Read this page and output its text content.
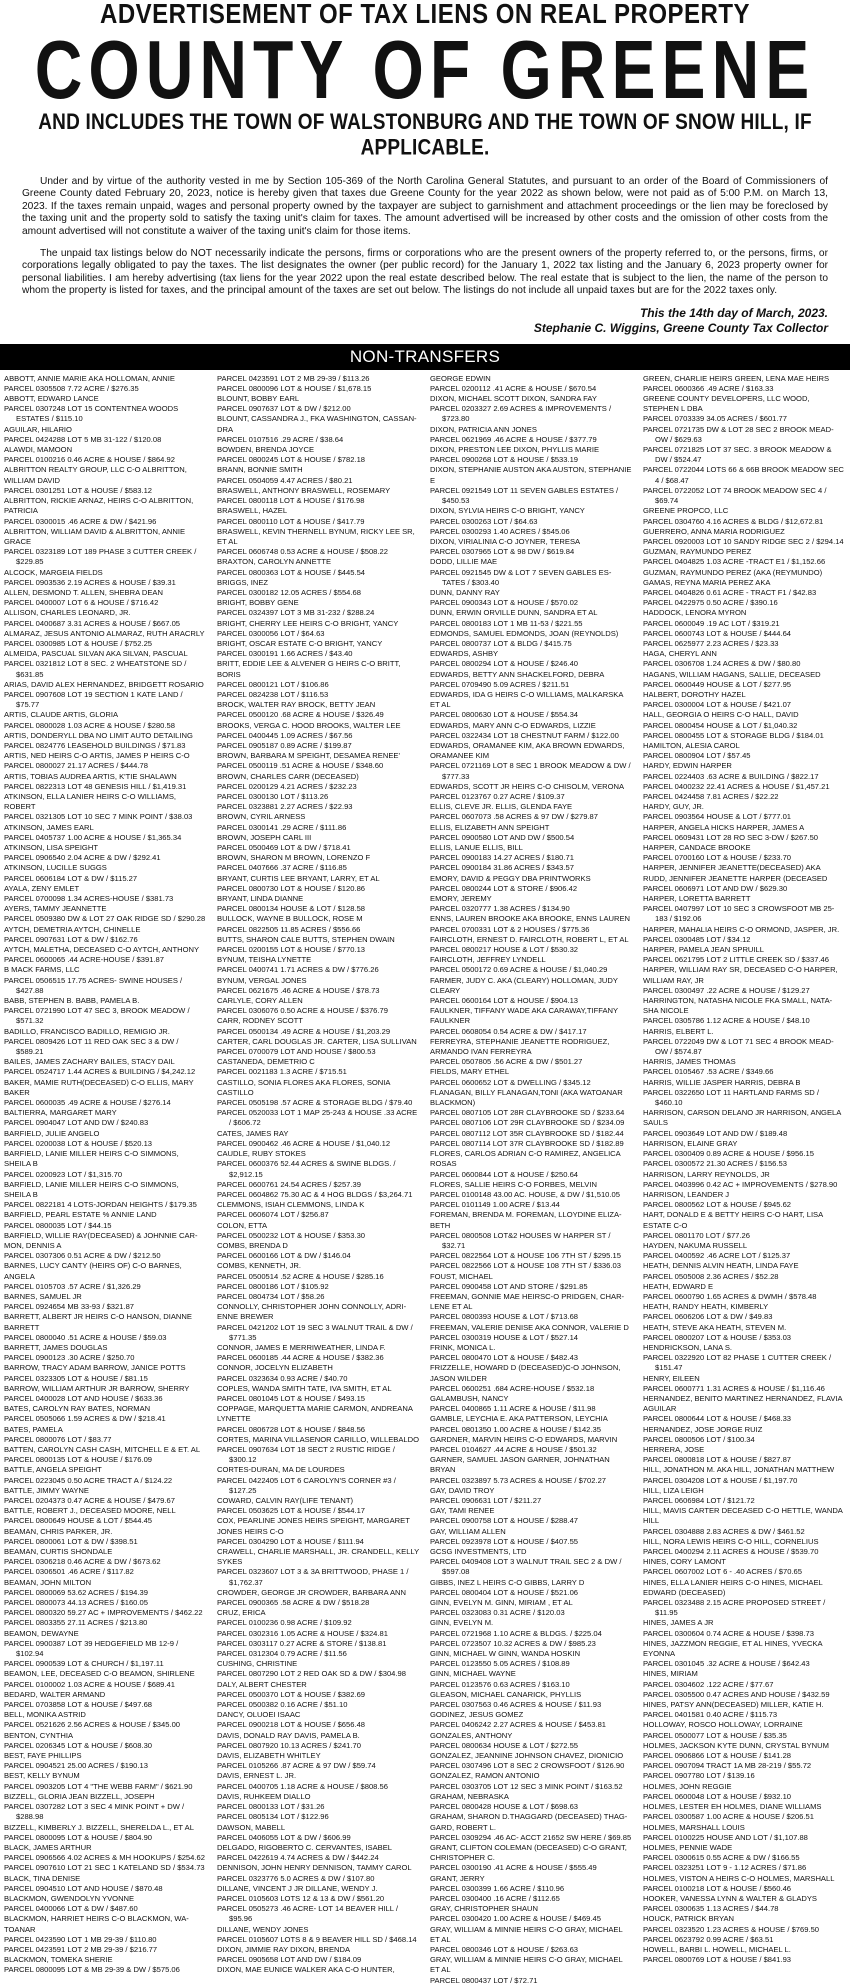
ADVERTISEMENT OF TAX LIENS ON REAL PROPERTY
COUNTY OF GREENE
AND INCLUDES THE TOWN OF WALSTONBURG AND THE TOWN OF SNOW HILL, IF APPLICABLE.

Under and by virtue of the authority vested in me by Section 105-369 of the North Carolina General Statutes, and pursuant to an order of the Board of Commissioners of Greene County dated February 20, 2023, notice is hereby given that taxes due Greene County for the year 2022 as shown below, were not paid as of 5:00 P.M. on March 13, 2023. If the taxes remain unpaid, wages and personal property owned by the taxpayer are subject to garnishment and attachment proceedings or the lien may be foreclosed by the taxing unit and the property sold to satisfy the taxing unit's claim for taxes. The amount advertised will be increased by other costs and the omission of other costs from the amount advertised will not constitute a waiver of the taxing unit's claim for those items.

The unpaid tax listings below do NOT necessarily indicate the persons, firms or corporations who are the present owners of the property referred to, or the persons, firms, or corporations legally obligated to pay the taxes. The list designates the owner (per public record) for the January 1, 2022 tax listing and the January 6, 2023 property owner for personal liabilities. I am hereby advertising (tax liens for the year 2022 upon the real estate described below. The real estate that is subject to the lien, the name of the person to whom the property is listed for taxes, and the principal amount of the taxes are set out below. The listings do not include all unpaid taxes but are for the 2022 taxes only.

This the 14th day of March, 2023.
Stephanie C. Wiggins, Greene County Tax Collector
NON-TRANSFERS
ABBOTT, ANNIE MARIE AKA HOLLOMAN, ANNIE
PARCEL 0305508 7.72 ACRE / $276.35
ABBOTT, EDWARD LANCE
PARCEL 0307248 LOT 15 CONTENTNEA WOODS ESTATES / $115.10
AGUILAR, HILARIO
PARCEL 0424288 LOT 5 MB 31-122 / $120.08
ALAWDI, MAMOON
PARCEL 0100216 0.46 ACRE & HOUSE / $864.92
ALBRITTON REALTY GROUP, LLC C-O ALBRITTON, WILLIAM DAVID
PARCEL 0301251 LOT & HOUSE / $583.12
ALBRITTON, RICKIE ARNAZ, HEIRS C-O ALBRITTON, PATRICIA
PARCEL 0300015 .46 ACRE & DW / $421.96
ALBRITTON, WILLIAM DAVID & ALBRITTON, ANNIE GRACE
PARCEL 0323189 LOT 189 PHASE 3 CUTTER CREEK / $229.85
ALCOCK, MARGEIA FIELDS
PARCEL 0903536 2.19 ACRES & HOUSE / $39.31
ALLEN, DESMOND T. ALLEN, SHEBRA DEAN
PARCEL 0400007 LOT 6 & HOUSE / $716.42
ALLISON, CHARLES LEONARD, JR.
PARCEL 0400687 3.31 ACRES & HOUSE / $667.05
ALMARAZ, JESUS ANTONIO ALMARAZ, RUTH ARACRLY
PARCEL 0300985 LOT & HOUSE / $752.25
ALMEIDA, PASCUAL SILVAN AKA SILVAN, PASCUAL
PARCEL 0321812 LOT 8 SEC. 2 WHEATSTONE SD / $631.85
ARIAS, DAVID ALEX HERNANDEZ, BRIDGETT ROSARIO
PARCEL 0907608 LOT 19 SECTION 1 KATE LAND / $75.77
ARTIS, CLAUDE ARTIS, GLORIA
PARCEL 0800028 1.03 ACRE & HOUSE / $280.58
ARTIS, DONDERYLL DBA NO LIMIT AUTO DETAILING
PARCEL 0824776 LEASEHOLD BUILDINGS / $71.83
ARTIS, NED HEIRS C-O ARTIS, JAMES P HEIRS C-O
PARCEL 0800027 21.17 ACRES / $444.78
ARTIS, TOBIAS AUDREA ARTIS, K'TIE SHALAWN
PARCEL 0822313 LOT 48 GENESIS HILL / $1,419.31
ATKINSON, ELLA LANIER HEIRS C-O WILLIAMS, ROBERT
PARCEL 0321305 LOT 10 SEC 7 MINK POINT / $38.03
ATKINSON, JAMES EARL
PARCEL 0405737 1.00 ACRE & HOUSE / $1,365.34
ATKINSON, LISA SPEIGHT
PARCEL 0906540 2.04 ACRE & DW / $292.41
ATKINSON, LUCILLE SUGGS
PARCEL 0606184 LOT & DW / $115.27
AYALA, ZENY EMLET
PARCEL 0700098 1.34 ACRES-HOUSE / $381.73
AYERS, TAMMY JEANNETTE
PARCEL 0509380 DW & LOT 27 OAK RIDGE SD / $290.28
AYTCH, DEMETRIA AYTCH, CHINELLE
PARCEL 0907631 LOT & DW / $162.76
AYTCH, MALETHA, DECEASED C-O AYTCH, ANTHONY
PARCEL 0600065 .44 ACRE-HOUSE / $391.87
B MACK FARMS, LLC
PARCEL 0506515 17.75 ACRES- SWINE HOUSES / $427.88
BABB, STEPHEN B. BABB, PAMELA B.
PARCEL 0721990 LOT 47 SEC 3, BROOK MEADOW / $571.32
BADILLO, FRANCISCO BADILLO, REMIGIO JR.
PARCEL 0809426 LOT 11 RED OAK SEC 3 & DW / $589.21
BAILES, JAMES ZACHARY BAILES, STACY DAIL
PARCEL 0524717 1.44 ACRES & BUILDING / $4,242.12
BAKER, MAMIE RUTH(DECEASED) C-O ELLIS, MARY BAKER
PARCEL 0600035 .49 ACRE & HOUSE / $276.14
BALTIERRA, MARGARET MARY
PARCEL 0904047 LOT AND DW / $240.83
BARFIELD, JULIE ANGELO
PARCEL 0200038 LOT & HOUSE / $520.13
BARFIELD, LANIE MILLER HEIRS C-O SIMMONS, SHEILA B
PARCEL 0200923 LOT / $1,315.70
BARFIELD, LANIE MILLER HEIRS C-O SIMMONS, SHEILA B
PARCEL 0822181 4 LOTS-JORDAN HEIGHTS / $179.35
BARFIELD, PEARL ESTATE % ANNIE LAND
PARCEL 0800035 LOT / $44.15
BARFIELD, WILLIE RAY(DECEASED) & JOHNNIE CAR-MON, DENNIS A
PARCEL 0307306 0.51 ACRE & DW / $212.50
BARNES, LUCY CANTY (HEIRS OF) C-O BARNES, ANGELA
PARCEL 0105703 .57 ACRE / $1,326.29
BARNES, SAMUEL JR
PARCEL 0924654 MB 33-93 / $321.87
BARRETT, ALBERT JR HEIRS C-O HANSON, DIANNE BARRETT
PARCEL 0800040 .51 ACRE & HOUSE / $59.03
BARRETT, JAMES DOUGLAS
PARCEL 0900123 .30 ACRE / $250.70
BARROW, TRACY ADAM BARROW, JANICE POTTS
PARCEL 0323305 LOT & HOUSE / $81.15
BARROW, WILLIAM ARTHUR JR BARROW, SHERRY
PARCEL 0400028 LOT AND HOUSE / $633.36
BATES, CAROLYN RAY BATES, NORMAN
PARCEL 0505066 1.59 ACRES & DW / $218.41
BATES, PAMELA
PARCEL 0800076 LOT / $83.77
BATTEN, CAROLYN CASH CASH, MITCHELL E & ET. AL
PARCEL 0800135 LOT & HOUSE / $176.09
BATTLE, ANGELA SPEIGHT
PARCEL 0223045 0.50 ACRE TRACT A / $124.22
BATTLE, JIMMY WAYNE
PARCEL 0204373 0.47 ACRE & HOUSE / $479.67
BATTLE, ROBERT J., DECEASED MOORE, NELL
PARCEL 0800649 HOUSE & LOT / $544.45
BEAMAN, CHRIS PARKER, JR.
PARCEL 0800061 LOT & DW / $398.51
BEAMAN, CURTIS SHONDALE
PARCEL 0306218 0.46 ACRE & DW / $673.62
PARCEL 0306501 .46 ACRE / $117.82
BEAMAN, JOHN MILTON
PARCEL 0800069 53.62 ACRES / $194.39
PARCEL 0800073 44.13 ACRES / $160.05
PARCEL 0800320 59.27 AC + IMPROVEMENTS / $462.22
PARCEL 0803355 27.11 ACRES / $213.80
BEAMON, DEWAYNE
PARCEL 0900387 LOT 39 HEDGEFIELD MB 12-9 / $102.94
PARCEL 0900539 LOT & CHURCH / $1,197.11
BEAMON, LEE, DECEASED C-O BEAMON, SHIRLENE
PARCEL 0100002 1.03 ACRE & HOUSE / $689.41
BEDARD, WALTER ARMAND
PARCEL 0703858 LOT & HOUSE / $497.68
BELL, MONIKA ASTRID
PARCEL 0521626 2.56 ACRES & HOUSE / $345.00
BENTON, CYNTHIA
PARCEL 0206345 LOT & HOUSE / $608.30
BEST, FAYE PHILLIPS
PARCEL 0904521 25.00 ACRES / $190.13
BEST, KELLY BYNUM
PARCEL 0903205 LOT 4 "THE WEBB FARM" / $621.90
BIZZELL, GLORIA JEAN BIZZELL, JOSEPH
PARCEL 0307282 LOT 3 SEC 4 MINK POINT + DW / $288.98
BIZZELL, KIMBERLY J. BIZZELL, SHERELDA L., ET AL
PARCEL 0800095 LOT & HOUSE / $804.90
BLACK, JAMES ARTHUR
PARCEL 0906566 4.02 ACRES & MH HOOKUPS / $254.62
PARCEL 0907610 LOT 21 SEC 1 KATELAND SD / $534.73
BLACK, TINA DENISE
PARCEL 0904510 LOT AND HOUSE / $870.48
BLACKMON, GWENDOLYN YVONNE
PARCEL 0400066 LOT & DW / $487.60
BLACKMON, HARRIET HEIRS C-O BLACKMON, WA-TOANAR
PARCEL 0423590 LOT 1 MB 29-39 / $110.80
PARCEL 0423591 LOT 2 MB 29-39 / $216.77
BLACKMON, TOMEKA SHERIE
PARCEL 0800095 LOT & MB 29-39 & DW / $575.06
PARCEL 0423591 LOT 2 MB 29-39 / $113.26
PARCEL 0800096 LOT & HOUSE / $1,678.15
BLOUNT, BOBBY EARL
PARCEL 0907637 LOT & DW / $212.00
BLOUNT, CASSANDRA J., FKA WASHINGTON, CASSAN-DRA
PARCEL 0107516 .29 ACRE / $38.64
BOWDEN, BRENDA JOYCE
PARCEL 0800245 LOT & HOUSE / $782.18
BRANN, BONNIE SMITH
PARCEL 0504059 4.47 ACRES / $80.21
BRASWELL, ANTHONY BRASWELL, ROSEMARY
PARCEL 0800118 LOT & HOUSE / $176.98
BRASWELL, HAZEL
PARCEL 0800110 LOT & HOUSE / $417.79
BRASWELL, KEVIN THERNELL BYNUM, RICKY LEE SR, ET AL
PARCEL 0606748 0.53 ACRE & HOUSE / $508.22
BRAXTON, CAROLYN ANNETTE
PARCEL 0800363 LOT & HOUSE / $445.54
BRIGGS, INEZ
PARCEL 0300182 12.05 ACRES / $554.68
BRIGHT, BOBBY GENE
PARCEL 0324397 LOT 3 MB 31-232 / $288.24
BRIGHT, CHERRY LEE HEIRS C-O BRIGHT, YANCY
PARCEL 0300056 LOT / $64.63
BRIGHT, OSCAR ESTATE C-O BRIGHT, YANCY
PARCEL 0300191 1.66 ACRES / $43.40
BRITT, EDDIE LEE & ALVENER G HEIRS C-O BRITT, BORIS
PARCEL 0800121 LOT / $106.86
PARCEL 0824238 LOT / $116.53
BROCK, WALTER RAY BROCK, BETTY JEAN
PARCEL 0500120 .68 ACRE & HOUSE / $326.49
BROOKS, VERGA C. HOOD BROOKS, WALTER LEE
PARCEL 0400445 1.09 ACRES / $67.56
PARCEL 0905187 0.89 ACRE / $199.87
BROWN, BARBARA M SPEIGHT, DESAMEA RENEE'
PARCEL 0500119 .51 ACRE & HOUSE / $348.60
BROWN, CHARLES CARR (DECEASED)
PARCEL 0200129 4.21 ACRES / $232.23
PARCEL 0300130 LOT / $113.26
PARCEL 0323881 2.27 ACRES / $22.93
BROWN, CYRIL ARNESS
PARCEL 0300141 .29 ACRE / $111.86
BROWN, JOSEPH CARL III
PARCEL 0500469 LOT & DW / $718.41
BROWN, SHARON M BROWN, LORENZO F
PARCEL 0407666 .37 ACRE / $116.85
BRYANT, CURTIS LEE BRYANT, LARRY, ET AL
PARCEL 0800730 LOT & HOUSE / $120.86
BRYANT, LINDA DIANNE
PARCEL 0800134 HOUSE & LOT / $128.58
BULLOCK, WAYNE B BULLOCK, ROSE M
PARCEL 0822505 11.85 ACRES / $556.66
BUTTS, SHARON CALE BUTTS, STEPHEN DWAIN
PARCEL 0200155 LOT & HOUSE / $770.13
BYNUM, TEISHA LYNETTE
PARCEL 0400741 1.71 ACRES & DW / $776.26
BYNUM, VERGAL JONES
PARCEL 0621675 .46 ACRE & HOUSE / $78.73
CARLYLE, CORY ALLEN
PARCEL 0306076 0.50 ACRE & HOUSE / $376.79
CARR, RODNEY SCOTT
PARCEL 0500134 .49 ACRE & HOUSE / $1,203.29
CARTER, CARL DOUGLAS JR. CARTER, LISA SULLIVAN
PARCEL 0700079 LOT AND HOUSE / $800.53
CASTANEDA, DEMETRIO C
PARCEL 0021183 1.3 ACRE / $715.51
CASTILLO, SONIA FLORES AKA FLORES, SONIA CASTILLO
PARCEL 0505198 .57 ACRE & STORAGE BLDG / $79.40
PARCEL 0520033 LOT 1 MAP 25-243 & HOUSE .33 ACRE / $606.72
CATES, JAMES RAY
PARCEL 0900462 .46 ACRE & HOUSE / $1,040.12
CAUDLE, RUBY STOKES
PARCEL 0600376 52.44 ACRES & SWINE BLDGS. / $2,912.15
PARCEL 0600761 24.54 ACRES / $257.39
PARCEL 0604862 75.30 AC & 4 HOG BLDGS / $3,264.71
CLEMMONS, ISIAH CLEMMONS, LINDA K
PARCEL 0606074 LOT / $256.87
COLON, ETTA
PARCEL 0500232 LOT & HOUSE / $353.30
COMBS, BRENDA D
PARCEL 0600166 LOT & DW / $146.04
COMBS, KENNETH, JR.
PARCEL 0500514 .52 ACRE & HOUSE / $285.16
PARCEL 0800186 LOT / $105.92
PARCEL 0804734 LOT / $58.26
CONNOLLY, CHRISTOPHER JOHN CONNOLLY, ADRI-ENNE BREWER
PARCEL 0421202 LOT 19 SEC 3 WALNUT TRAIL & DW / $771.35
CONNOR, JAMES E MERRIWEATHER, LINDA F.
PARCEL 0600185 .44 ACRE & HOUSE / $382.36
CONNOR, JOCELYN ELIZABETH
PARCEL 0323634 0.93 ACRE / $40.70
COPLES, WANDA SMITH TATE, IVA SMITH, ET AL
PARCEL 0801045 LOT & HOUSE / $493.15
COPPAGE, MARQUETTA MARIE CARMON, ANDREANA LYNETTE
PARCEL 0806728 LOT & HOUSE / $848.56
CORTES, MARINA VILLASENOR CARILLO, WILLEBALDO
PARCEL 0907634 LOT 18 SECT 2 RUSTIC RIDGE / $300.12
CORTES-DURAN, MA DE LOURDES
PARCEL 0422405 LOT 6 CAROLYN'S CORNER #3 / $127.25
COWARD, CALVIN RAY(LIFE TENANT)
PARCEL 0503625 LOT & HOUSE / $544.17
COX, PEARLINE JONES HEIRS SPEIGHT, MARGARET JONES HEIRS C-O
PARCEL 0304290 LOT & HOUSE / $111.94
CRAWELL, CHARLIE MARSHALL, JR. CRANDELL, KELLY SYKES
PARCEL 0323607 LOT 3 & 3A BRITTWOOD, PHASE 1 / $1,762.37
CROWDER, GEORGE JR CROWDER, BARBARA ANN
PARCEL 0900365 .58 ACRE & DW / $518.28
CRUZ, ERICA
PARCEL 0100236 0.98 ACRE / $109.92
PARCEL 0302316 1.05 ACRE & HOUSE / $324.81
PARCEL 0303117 0.27 ACRE & STORE / $138.81
PARCEL 0312304 0.79 ACRE / $11.56
CUSHING, CHRISTINE
PARCEL 0807290 LOT 2 RED OAK SD & DW / $304.98
DALY, ALBERT CHESTER
PARCEL 0500370 LOT & HOUSE / $382.69
PARCEL 0500382 0.16 ACRE / $51.10
DANCY, OLUOEI ISAAC
PARCEL 0900218 LOT & HOUSE / $656.48
DAVIS, DONALD RAY DAVIS, PAMELA B.
PARCEL 0807920 10.13 ACRES / $241.70
DAVIS, ELIZABETH WHITLEY
PARCEL 0105266 .87 ACRE & 97 DW / $59.74
DAVIS, ERNEST L. JR.
PARCEL 0400705 1.18 ACRE & HOUSE / $808.56
DAVIS, RUHKEEM DIALLO
PARCEL 0800133 LOT / $31.26
PARCEL 0805134 LOT / $122.96
DAWSON, MABELL
PARCEL 0406055 LOT & DW / $606.99
DELGADO, RIGOBERTO C. CERVANTES, ISABEL
PARCEL 0422619 4.74 ACRES & DW / $442.24
DENNISON, JOHN HENRY DENNISON, TAMMY CAROL
PARCEL 0323776 5.0 ACRES & DW / $107.80
DILLANE, VINCENT J JR DILLANE, WENDY J.
PARCEL 0105603 LOTS 12 & 13 & DW / $561.20
PARCEL 0505273 .46 ACRE- LOT 14 BEAVER HILL / $95.96
DILLANE, WENDY JONES
PARCEL 0105607 LOTS 8 & 9 BEAVER HILL SD / $468.14
DIXON, JIMMIE RAY DIXON, BRENDA
PARCEL 0905658 LOT AND DW / $184.09
DIXON, MAE EUNICE WALKER AKA C-O HUNTER,
GEORGE EDWIN
PARCEL 0200112 .41 ACRE & HOUSE / $670.54
DIXON, MICHAEL SCOTT DIXON, SANDRA FAY
PARCEL 0203327 2.69 ACRES & IMPROVEMENTS / $723.80
DIXON, PATRICIA ANN JONES
PARCEL 0621969 .46 ACRE & HOUSE / $377.79
DIXON, PRESTON LEE DIXON, PHYLLIS MARIE
PARCEL 0900268 LOT & HOUSE / $533.19
DIXON, STEPHANIE AUSTON AKA AUSTON, STEPHANIE E
PARCEL 0921549 LOT 11 SEVEN GABLES ESTATES / $450.53
DIXON, SYLVIA HEIRS C-O BRIGHT, YANCY
PARCEL 0300263 LOT / $64.63
PARCEL 0300293 1.40 ACRES / $545.06
DIXON, VIRIALINIA C-O JOYNER, TERESA
PARCEL 0307965 LOT & 98 DW / $619.84
DODD, LILLIE MAE
PARCEL 0921545 DW & LOT 7 SEVEN GABLES ES-TATES / $303.40
DUNN, DANNY RAY
PARCEL 0900343 LOT & HOUSE / $570.02
DUNN, ERWIN ORVILLE DUNN, SANDRA ET AL
PARCEL 0800183 LOT 1 MB 11-53 / $221.55
EDMONDS, SAMUEL EDMONDS, JOAN (REYNOLDS)
PARCEL 0800737 LOT & BLDG / $415.75
EDWARDS, ASHBY
PARCEL 0800294 LOT & HOUSE / $246.40
EDWARDS, BETTY ANN SHACKELFORD, DEBRA
PARCEL 0709490 5.09 ACRES / $211.51
EDWARDS, IDA G HEIRS C-O WILLIAMS, MALKARSKA ET AL
PARCEL 0800630 LOT & HOUSE / $554.34
EDWARDS, MARY ANN C-O EDWARDS, LIZZIE
PARCEL 0322434 LOT 18 CHESTNUT FARM / $122.00
EDWARDS, ORAMANEE KIM, AKA BROWN EDWARDS, ORAMANEE KIM
PARCEL 0721169 LOT 8 SEC 1 BROOK MEADOW & DW / $777.33
EDWARDS, SCOTT JR HEIRS C-O CHISOLM, VERONA
PARCEL 0123767 0.27 ACRE / $109.37
ELLIS, CLEVE JR. ELLIS, GLENDA FAYE
PARCEL 0607073 .58 ACRES & 97 DW / $279.87
ELLIS, ELIZABETH ANN SPEIGHT
PARCEL 0900580 LOT AND DW / $500.54
ELLIS, LANUE ELLIS, BILL
PARCEL 0900183 14.27 ACRES / $180.71
PARCEL 0900184 31.86 ACRES / $343.57
EMORY, DAVID & PEGGY DBA PRINTWORKS
PARCEL 0800244 LOT & STORE / $906.42
EMORY, JEREMY
PARCEL 0320777 1.38 ACRES / $134.90
ENNS, LAUREN BROOKE AKA BROOKE, ENNS LAUREN
PARCEL 0700331 LOT & 2 HOUSES / $775.36
FAIRCLOTH, ERNEST D. FAIRCLOTH, ROBERT L, ET AL
PARCEL 0800217 HOUSE & LOT / $530.32
FAIRCLOTH, JEFFREY LYNDELL
PARCEL 0500172 0.69 ACRE & HOUSE / $1,040.29
FARMER, JUDY C. AKA (CLEARY) HOLLOMAN, JUDY CLEARY
PARCEL 0600164 LOT & HOUSE / $904.13
FAULKNER, TIFFANY WADE AKA CARAWAY,TIFFANY FAULKNER
PARCEL 0608054 0.54 ACRE & DW / $417.17
FERREYRA, STEPHANIE JEANETTE RODRIGUEZ, ARMANDO IVAN FERREYRA
PARCEL 0507805 .56 ACRE & DW / $501.27
FIELDS, MARY ETHEL
PARCEL 0600652 LOT & DWELLING / $345.12
FLANAGAN, BILLY FLANAGAN,TONI (AKA WATOANAR BLACKMON)
PARCEL 0807105 LOT 28R CLAYBROOKE SD / $233.64
PARCEL 0807106 LOT 29R CLAYBROOKE SD / $234.09
PARCEL 0807112 LOT 35R CLAYBROOKE SD / $182.44
PARCEL 0807114 LOT 37R CLAYBROOKE SD / $182.89
FLORES, CARLOS ADRIAN C-O RAMIREZ, ANGELICA ROSAS
PARCEL 0600844 LOT & HOUSE / $250.64
FLORES, SALLIE HEIRS C-O FORBES, MELVIN
PARCEL 0100148 43.00 AC. HOUSE, & DW / $1,510.05
PARCEL 0101149 1.00 ACRE / $13.44
FOREMAN, BRENDA M. FOREMAN, LLOYDINE ELIZA-BETH
PARCEL 0800508 LOT&2 HOUSES W HARPER ST / $32.71
PARCEL 0822564 LOT & HOUSE 106 7TH ST / $295.15
PARCEL 0822566 LOT & HOUSE 108 7TH ST / $336.03
FOUST, MICHAEL
PARCEL 0900458 LOT AND STORE / $291.85
FREEMAN, GONNIE MAE HEIRSC-O PRIDGEN, CHAR-LENE ET AL
PARCEL 0800393 HOUSE & LOT / $713.68
FREEMAN, VALERIE DENISE AKA CONNOR, VALERIE D
PARCEL 0300319 HOUSE & LOT / $527.14
FRINK, MONICA L.
PARCEL 0800470 LOT & HOUSE / $482.43
FRIZZELLE, HOWARD D (DECEASED)C-O JOHNSON, JASON WILDER
PARCEL 0600251 .684 ACRE-HOUSE / $532.18
GALAMBUSH, NANCY
PARCEL 0400865 1.11 ACRE & HOUSE / $11.98
GAMBLE, LEYCHIA E. AKA PATTERSON, LEYCHIA
PARCEL 0801350 1.00 ACRE & HOUSE / $142.35
GARDNER, MARVIN HEIRS C-O EDWARDS, MARVIN
PARCEL 0104627 .44 ACRE & HOUSE / $501.32
GARNER, SAMUEL JASON GARNER, JOHNATHAN BRYAN
PARCEL 0323897 5.73 ACRES & HOUSE / $702.27
GAY, DAVID TROY
PARCEL 0906631 LOT / $211.27
GAY, TAMI RENEE
PARCEL 0900758 LOT & HOUSE / $288.47
GAY, WILLIAM ALLEN
PARCEL 0923978 LOT & HOUSE / $407.55
GCSG INVESTMENTS, LTD
PARCEL 0409408 LOT 3 WALNUT TRAIL SEC 2 & DW / $597.08
GIBBS, INEZ L HEIRS C-O GIBBS, LARRY D
PARCEL 0800404 LOT & HOUSE / $521.06
GINN, EVELYN M. GINN, MIRIAM , ET AL
PARCEL 0323083 0.31 ACRE / $120.03
GINN, EVELYN M.
PARCEL 0721968 1.10 ACRE & BLDGS. / $225.04
PARCEL 0723507 10.32 ACRES & DW / $985.23
GINN, MICHAEL W GINN, WANDA HOSKIN
PARCEL 0123550 5.05 ACRES / $108.89
GINN, MICHAEL WAYNE
PARCEL 0123576 0.63 ACRES / $163.10
GLEASON, MICHAEL CANARICK, PHYLLIS
PARCEL 0307563 0.46 ACRES & HOUSE / $11.93
GODINEZ, JESUS GOMEZ
PARCEL 0406242 2.27 ACRES & HOUSE / $453.81
GONZALES, ANTHONY
PARCEL 0800634 HOUSE & LOT / $272.55
GONZALEZ, JEANNINE JOHNSON CHAVEZ, DIONICIO
PARCEL 0307496 LOT 8 SEC 2 CROWSFOOT / $126.90
GONZALEZ, RAMON ANTONIO
PARCEL 0303705 LOT 12 SEC 3 MINK POINT / $163.52
GRAHAM, NEBRASKA
PARCEL 0800428 HOUSE & LOT / $698.63
GRAHAM, SHARON D.THAGGARD (DECEASED) THAG-GARD, ROBERT L.
PARCEL 0309294 .46 AC- ACCT 21652 SW HERE / $69.85
GRANT, CLIFTON COLEMAN (DECEASED) C-O GRANT, CHRISTOPHER C.
PARCEL 0300190 .41 ACRE & HOUSE / $555.49
GRANT, JERRY
PARCEL 0300399 1.66 ACRE / $110.96
PARCEL 0300400 .16 ACRE / $112.65
GRAY, CHRISTOPHER SHAUN
PARCEL 0300420 1.00 ACRE & HOUSE / $469.45
GRAY, WILLIAM & MINNIE HEIRS C-O GRAY, MICHAEL ET AL
PARCEL 0800346 LOT & HOUSE / $263.63
GRAY, WILLIAM & MINNIE HEIRS C-O GRAY, MICHAEL ET AL
PARCEL 0800437 LOT / $72.71
GREEN, CHARLIE HEIRS GREEN, LENA MAE HEIRS
PARCEL 0600366 .49 ACRE / $163.33
GREENE COUNTY DEVELOPERS, LLC WOOD, STEPHEN L DBA
PARCEL 0703339 34.05 ACRES / $601.77
PARCEL 0721735 DW & LOT 28 SEC 2 BROOK MEAD-OW / $629.63
PARCEL 0721825 LOT 37 SEC. 3 BROOK MEADOW & DW / $524.47
PARCEL 0722044 LOTS 66 & 66B BROOK MEADOW SEC 4 / $68.47
PARCEL 0722052 LOT 74 BROOK MEADOW SEC 4 / $69.74
GREENE PROPCO, LLC
PARCEL 0304760 4.16 ACRES & BLDG / $12,672.81
GUERRERO, ANNA MARIA RODRIGUEZ
PARCEL 0920003 LOT 10 SANDY RIDGE SEC 2 / $294.14
GUZMAN, RAYMUNDO PEREZ
PARCEL 0404825 1.03 ACRE -TRACT E1 / $1,152.66
GUZMAN, RAYMUNDO PEREZ (AKA (REYMUNDO) GAMAS, REYNA MARIA PEREZ AKA
PARCEL 0404826 0.61 ACRE - TRACT F1 / $42.83
PARCEL 0422975 0.50 ACRE / $390.16
HADDOCK, LENORA MYRON
PARCEL 0600049 .19 AC LOT / $319.21
PARCEL 0600743 LOT & HOUSE / $444.64
PARCEL 0625977 2.23 ACRES / $23.33
HAGA, CHERYL ANN
PARCEL 0306708 1.24 ACRES & DW / $80.80
HAGANS, WILLIAM HAGANS, SALLIE, DECEASED
PARCEL 0600449 HOUSE & LOT / $277.95
HALBERT, DOROTHY HAZEL
PARCEL 0300004 LOT & HOUSE / $421.07
HALL, GEORGIA O HEIRS C-O HALL, DAVID
PARCEL 0800454 HOUSE & LOT / $1,040.32
PARCEL 0800455 LOT & STORAGE BLDG / $184.01
HAMILTON, ALESIA CAROL
PARCEL 0800904 LOT / $57.45
HARDY, EDWIN HARPER
PARCEL 0224403 .63 ACRE & BUILDING / $822.17
PARCEL 0400232 22.41 ACRES & HOUSE / $1,457.21
PARCEL 0424458 7.81 ACRES / $22.22
HARDY, GUY, JR.
PARCEL 0903564 HOUSE & LOT / $777.01
HARPER, ANGELA HICKS HARPER, JAMES A
PARCEL 0609431 LOT 28 RO SEC 3-DW / $267.50
HARPER, CANDACE BROOKE
PARCEL 0700160 LOT & HOUSE / $233.70
HARPER, JENNIFER JEANETTE(DECEASED) AKA RUDD, JENNIFER JEANETTE HARPER (DECEASED
PARCEL 0606971 LOT AND DW / $629.30
HARPER, LORETTA BARRETT
PARCEL 0407997 LOT 10 SEC 3 CROWSFOOT MB 25-183 / $192.06
HARPER, MAHALIA HEIRS C-O ORMOND, JASPER, JR.
PARCEL 0300485 LOT / $34.12
HARPER, PAMELA JEAN SPRUILL
PARCEL 0621795 LOT 2 LITTLE CREEK SD / $337.46
HARPER, WILLIAM RAY SR, DECEASED C-O HARPER, WILLIAM RAY, JR
PARCEL 0300497 .22 ACRE & HOUSE / $129.27
HARRINGTON, NATASHA NICOLE FKA SMALL, NATA-SHA NICOLE
PARCEL 0305786 1.12 ACRE & HOUSE / $48.10
HARRIS, ELBERT L.
PARCEL 0722049 DW & LOT 71 SEC 4 BROOK MEAD-OW / $574.87
HARRIS, JAMES THOMAS
PARCEL 0105467 .53 ACRE / $349.66
HARRIS, WILLIE JASPER HARRIS, DEBRA B
PARCEL 0322650 LOT 11 HARTLAND FARMS SD / $460.10
HARRISON, CARSON DELANO JR HARRISON, ANGELA SAULS
PARCEL 0903649 LOT AND DW / $189.48
HARRISON, ELAINE GRAY
PARCEL 0300409 0.89 ACRE & HOUSE / $956.15
PARCEL 0300572 21.30 ACRES / $156.53
HARRISON, LARRY REYNOLDS, JR
PARCEL 0403996 0.42 AC + IMPROVEMENTS / $278.90
HARRISON, LEANDER J
PARCEL 0800562 LOT & HOUSE / $945.62
HART, DONALD E & BETTY HEIRS C-O HART, LISA ESTATE C-O
PARCEL 0801170 LOT / $77.26
HAYDEN, NAKUMA RUSSELL
PARCEL 0400592 .46 ACRE LOT / $125.37
HEATH, DENNIS ALVIN HEATH, LINDA FAYE
PARCEL 0505008 2.36 ACRES / $52.28
HEATH, EDWARD E
PARCEL 0600790 1.65 ACRES & DWMH / $578.48
HEATH, RANDY HEATH, KIMBERLY
PARCEL 0606206 LOT & DW / $49.83
HEATH, STEVE AKA HEATH, STEVEN M.
PARCEL 0800207 LOT & HOUSE / $353.03
HENDRICKSON, LANA S.
PARCEL 0322920 LOT 82 PHASE 1 CUTTER CREEK / $151.47
HENRY, EILEEN
PARCEL 0600771 1.31 ACRES & HOUSE / $1,116.46
HERNANDEZ, BENITO MARTINEZ HERNANDEZ, FLAVIA AGUILAR
PARCEL 0800644 LOT & HOUSE / $468.33
HERNANDEZ, JOSE JORGE RUIZ
PARCEL 0800506 LOT / $100.34
HERRERA, JOSE
PARCEL 0800818 LOT & HOUSE / $827.87
HILL, JONATHON M. AKA HILL, JONATHAN MATTHEW
PARCEL 0304208 LOT & HOUSE / $1,197.70
HILL, LIZA LEIGH
PARCEL 0606984 LOT / $121.72
HILL, MAVIS CARTER DECEASED C-O HETTLE, WANDA HILL
PARCEL 0304888 2.83 ACRES & DW / $461.52
HILL, NORA LEWIS HEIRS C-O HILL, CORNELIUS
PARCEL 0400294 2.11 ACRES & HOUSE / $539.70
HINES, CORY LAMONT
PARCEL 0607002 LOT 6 - .40 ACRES / $70.65
HINES, ELLA LANIER HEIRS C-O HINES, MICHAEL EDWARD (DECEASED)
PARCEL 0323488 2.15 ACRE PROPOSED STREET / $11.95
HINES, JAMES A JR
PARCEL 0300604 0.74 ACRE & HOUSE / $398.73
HINES, JAZZMON REGGIE, ET AL HINES, YVECKA EYONNA
PARCEL 0301045 .32 ACRE & HOUSE / $642.43
HINES, MIRIAM
PARCEL 0304602 .122 ACRE / $77.67
PARCEL 0305500 0.47 ACRES AND HOUSE / $432.59
HINES, PATSY ANN(DECEASED) MILLER, KATIE H.
PARCEL 0401581 0.40 ACRE / $115.73
HOLLOWAY, ROSCO HOLLOWAY, LORRAINE
PARCEL 0500077 LOT & HOUSE / $35.35
HOLMES, JACKSON KYTE DUNN, CRYSTAL BYNUM
PARCEL 0906866 LOT & HOUSE / $141.28
PARCEL 0907094 TRACT 1A MB 28-219 / $55.72
PARCEL 0907780 LOT / $139.16
HOLMES, JOHN REGGIE
PARCEL 0600048 LOT & HOUSE / $932.10
HOLMES, LESTER EH HOLMES, DIANE WILLIAMS
PARCEL 0300587 1.00 ACRE & HOUSE / $206.51
HOLMES, MARSHALL LOUIS
PARCEL 0100225 HOUSE AND LOT / $1,107.88
HOLMES, PENNIE WADE
PARCEL 0300615 0.55 ACRE & DW / $166.55
PARCEL 0323251 LOT 9 - 1.12 ACRES / $71.86
HOLMES, VISTON A HEIRS C-O HOLMES, MARSHALL
PARCEL 0100218 LOT & HOUSE / $560.46
HOOKER, VANESSA LYNN & WALTER & GLADYS
PARCEL 0300635 1.13 ACRES / $44.78
HOUCK, PATRICK BRYAN
PARCEL 0323520 1.23 ACRES & HOUSE / $769.50
PARCEL 0623792 0.99 ACRE / $63.51
HOWELL, BARBI L. HOWELL, MICHAEL L.
PARCEL 0800769 LOT & HOUSE / $841.93
